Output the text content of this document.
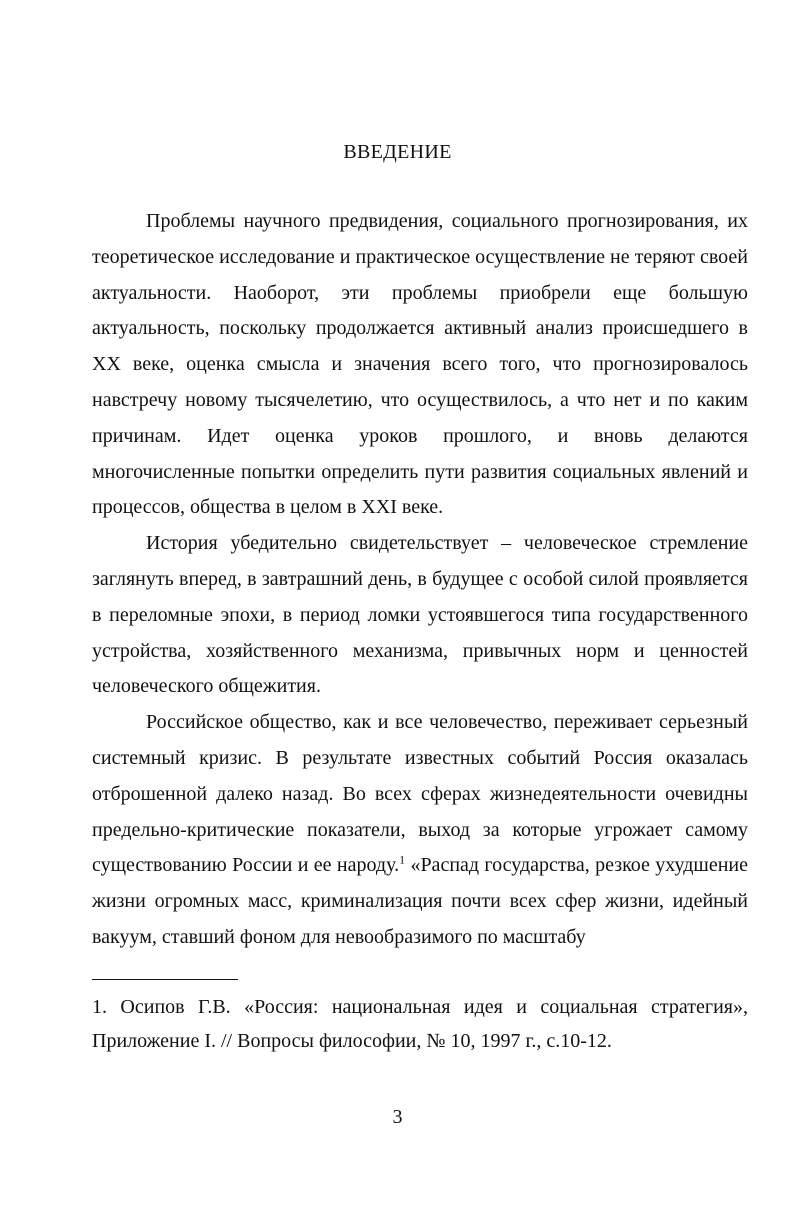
ВВЕДЕНИЕ

Проблемы научного предвидения, социального прогнозирования, их теоретическое исследование и практическое осуществление не теряют своей актуальности. Наоборот, эти проблемы приобрели еще большую актуальность, поскольку продолжается активный анализ происшедшего в XX веке, оценка смысла и значения всего того, что прогнозировалось навстречу новому тысячелетию, что осуществилось, а что нет и по каким причинам. Идет оценка уроков прошлого, и вновь делаются многочисленные попытки определить пути развития социальных явлений и процессов, общества в целом в XXI веке.

История убедительно свидетельствует – человеческое стремление заглянуть вперед, в завтрашний день, в будущее с особой силой проявляется в переломные эпохи, в период ломки устоявшегося типа государственного устройства, хозяйственного механизма, привычных норм и ценностей человеческого общежития.

Российское общество, как и все человечество, переживает серьезный системный кризис. В результате известных событий Россия оказалась отброшенной далеко назад. Во всех сферах жизнедеятельности очевидны предельно-критические показатели, выход за которые угрожает самому существованию России и ее народу.$^1$ «Распад государства, резкое ухудшение жизни огромных масс, криминализация почти всех сфер жизни, идейный вакуум, ставший фоном для невообразимого по масштабу

1. Осипов Г.В. «Россия: национальная идея и социальная стратегия», Приложение I. // Вопросы философии, № 10, 1997 г., с.10-12.

3
